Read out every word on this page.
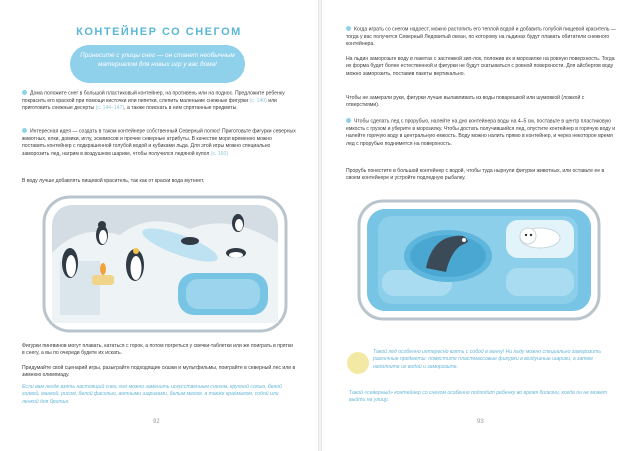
КОНТЕЙНЕР СО СНЕГОМ
Принесите с улицы снег — он станет необычным материалом для новых игр у вас дома!

Дома положите снег в большой пластиковый контейнер, на противень или на поднос. Предложите ребенку покрасить его краской при помощи кисточки или пипетки, слепить маленькие снежные фигурки (с. 140) или приготовить снежные десерты (с. 144–147), а также поискать в нем спрятанные предметы.

Интересная идея — создать в таком контейнере собственный Северный полюс! Приготовьте фигурки северных животных, елки, домики, иглу, эскимосов и прочие северные атрибуты. В качестве моря временно можно поставить контейнер с подкрашенной голубой водой и кубиками льда. Для этой игры можно специально заморозить лед, нагрим в воздушном шарике, чтобы получился ледяной купол (с. 160)

В воду лучше добавлять пищевой краситель, так как от краски вода мутнеет.

Фигурки пингвинов могут плавать, кататься с горок, а потом погреться у свечки-таблетки или же поиграть в прятки в снегу, а вы по очереди будете их искать.

Придумайте свой сценарий игры, разыграйте подходящие сказки и мультфильмы, поиграйте в северный лес или в зимнюю олимпиаду.

Если вам негде взять настоящий снег, его можно заменить искусственным снегом, крупной солью, белой холвой, манкой, рисом, белой фасолью, ватными шариками, белым мехом, а также крахмалом, содой или ленкой для бритья.

92

Когда играть со снегом надоест, можно растопить его теплой водой и добавить голубой пищевой краситель — тогда у вас получится Северный Ледовитый океан, по которому на льдинах будут плавать обитатели снежного контейнера.

На льдин заморозьте воду в пакетах с застежкой зип-лок, положив их в морозилке на ровную поверхность. Тогда их форма будет более естественной и фигурки не будут скатываться с ровной поверхности. Для айсбергов воду можно заморозить, поставив пакеты вертикально.

Чтобы не замерзли руки, фигурки лучше вылавливать из воды поварешкой или шумовкой (ложкой с отверстиями).

Чтобы сделать лед с прорубью, налейте на дно контейнера воды на 4–5 см, поставьте в центр пластиковую емкость с грузом и уберите в морозилку. Чтобы достать получившийся лед, опустите контейнер в горячую воду и налейте горячую воду в центральную емкость. Воду можно налить прямо в контейнер, и через некоторое время лед с прорубью поднимется на поверхность.

Прорубь понестите в большой контейнер с водой, чтобы туда нырнули фигурки животных, или оставьте ее в своем контейнере и устройте подледную рыбалку.

Такой лед особенно интересно взять с собой в ванну! Ни льду можно специально заморозить различные предметы: поместите пластмассовые фигурки в воздушные шарики, а затем наполните их водой и заморозьте.

Такой «северный» контейнер со снегом особенно подходит ребенку во время болезни, когда он не может выйти на улицу.

93
